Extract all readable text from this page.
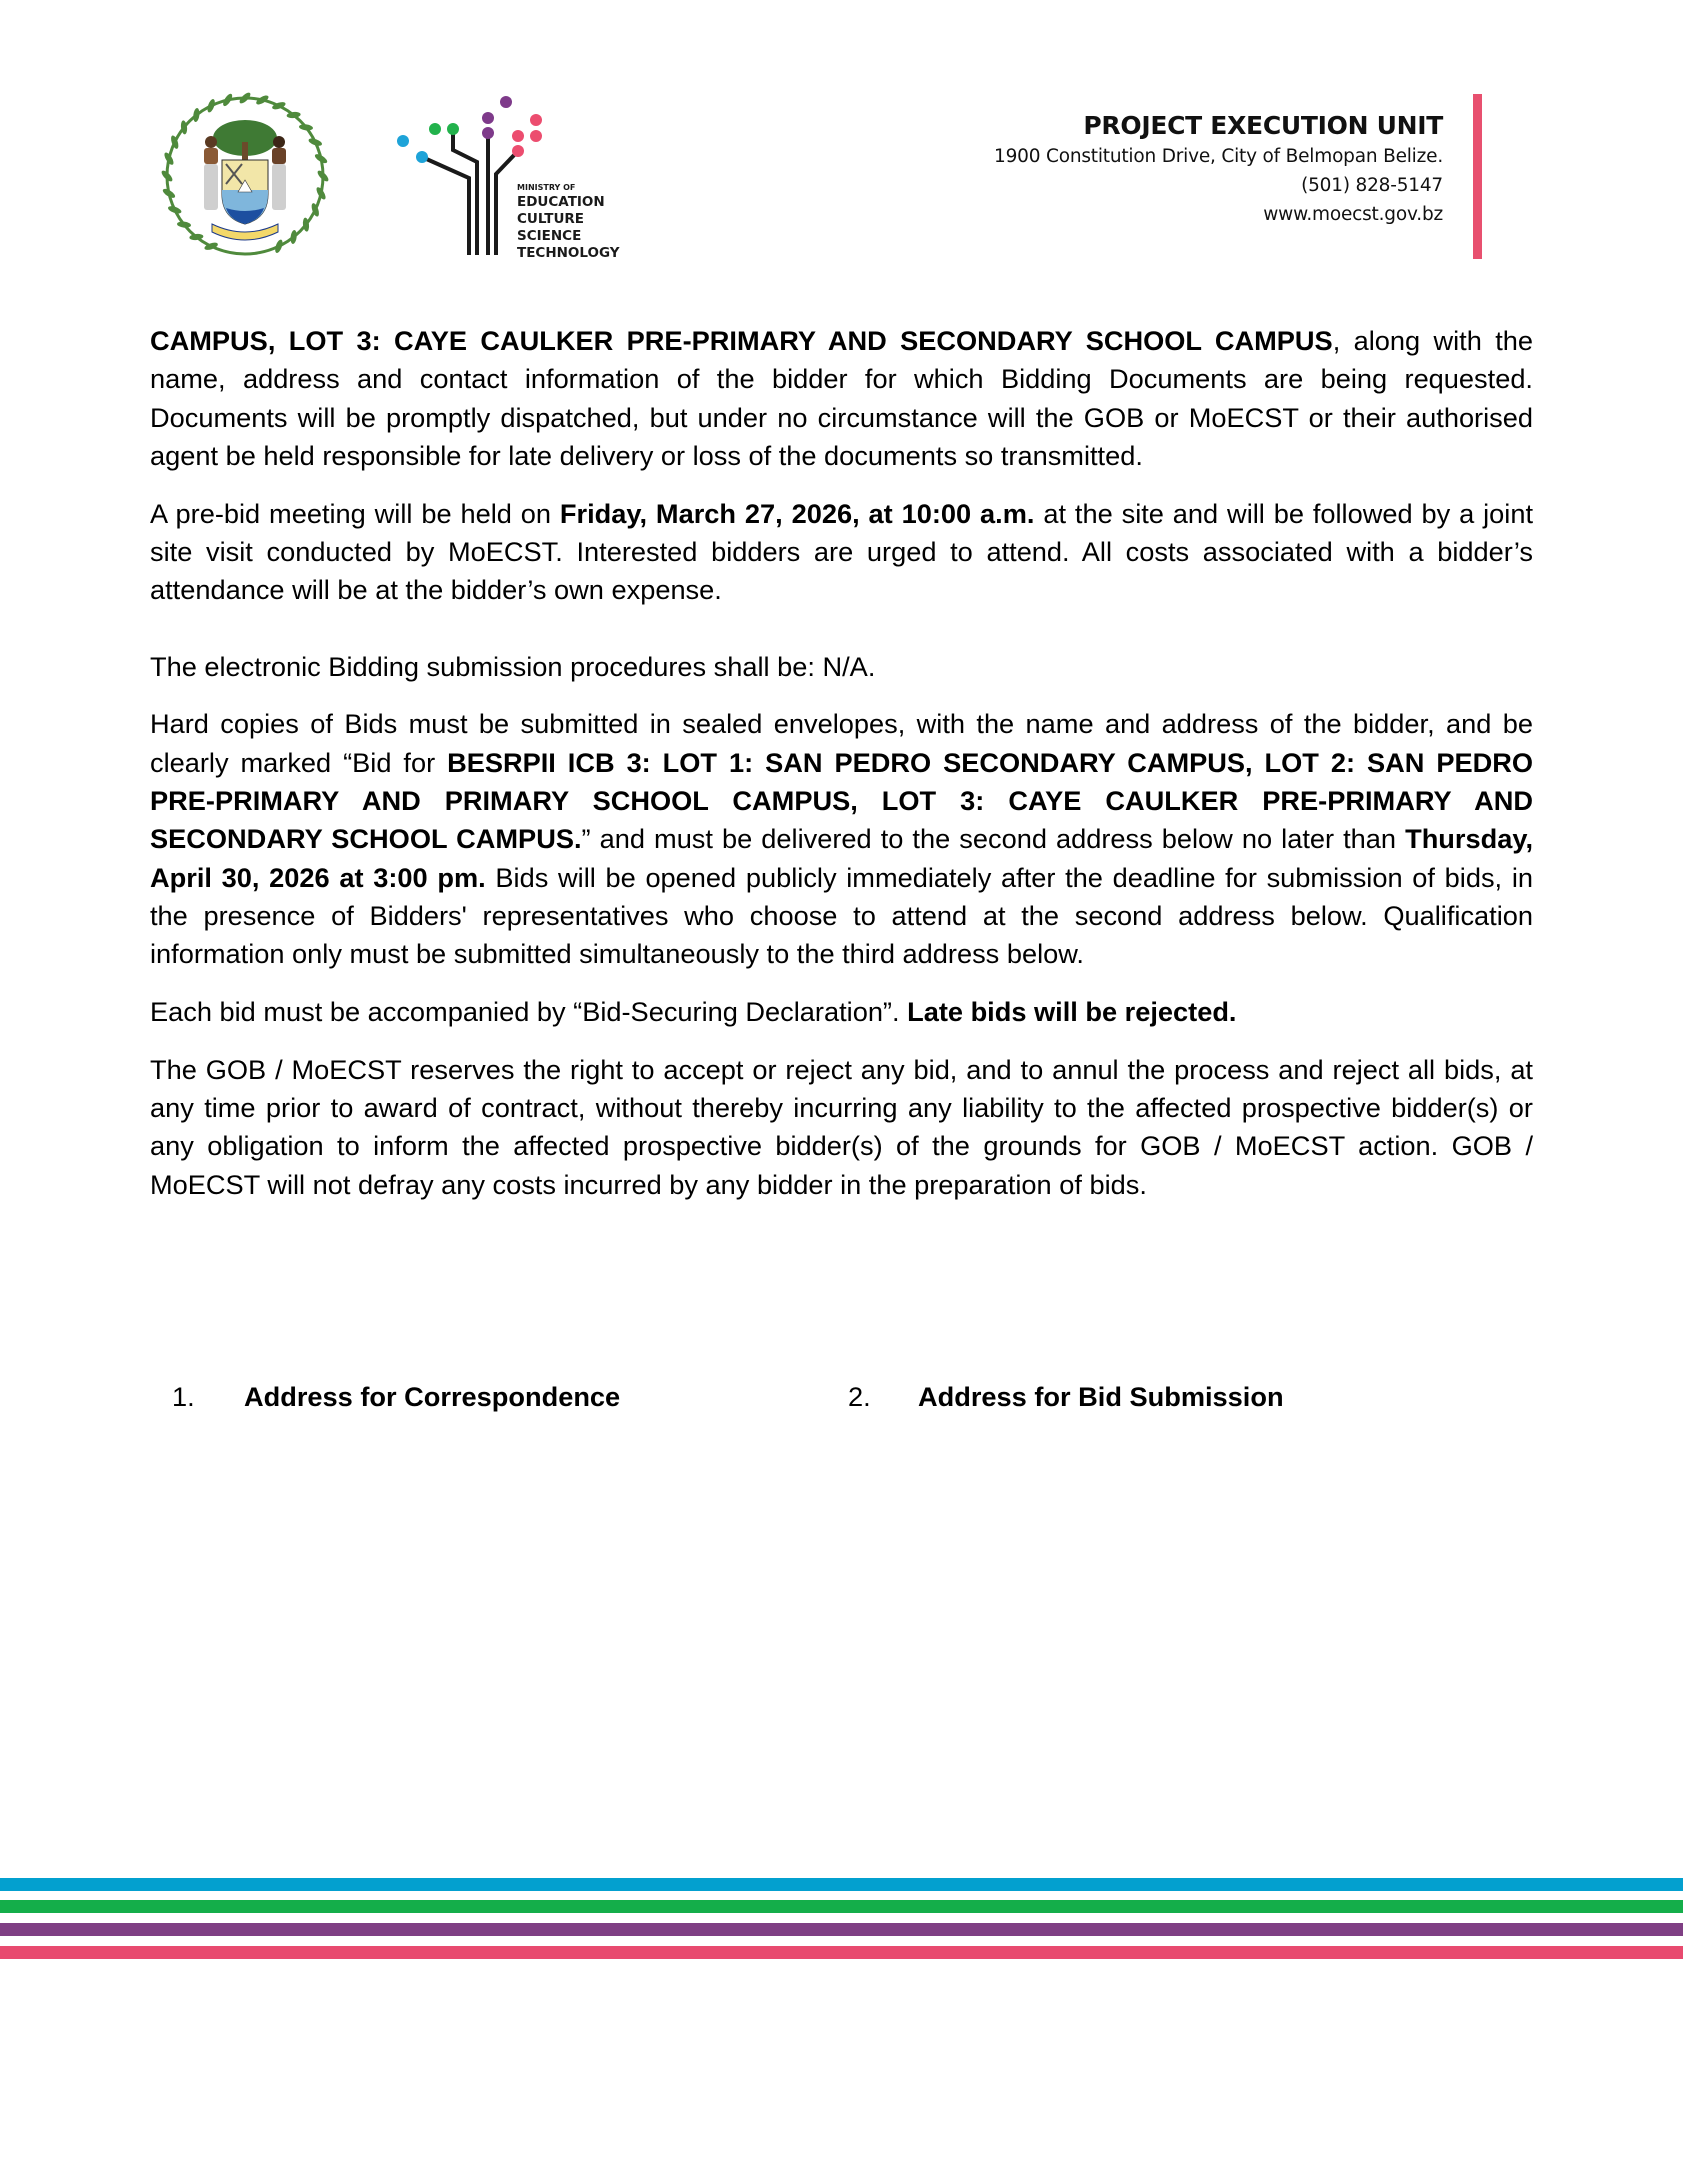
MINISTRY OF
EDUCATION
CULTURE
SCIENCE
TECHNOLOGY
PROJECT EXECUTION UNIT
1900 Constitution Drive, City of Belmopan Belize.
(501) 828-5147
www.moecst.gov.bz

CAMPUS, LOT 3: CAYE CAULKER PRE-PRIMARY AND SECONDARY SCHOOL CAMPUS, along with the name, address and contact information of the bidder for which Bidding Documents are being requested. Documents will be promptly dispatched, but under no circumstance will the GOB or MoECST or their authorised agent be held responsible for late delivery or loss of the documents so transmitted.

A pre-bid meeting will be held on Friday, March 27, 2026, at 10:00 a.m. at the site and will be followed by a joint site visit conducted by MoECST. Interested bidders are urged to attend. All costs associated with a bidder’s attendance will be at the bidder’s own expense.

The electronic Bidding submission procedures shall be: N/A.

Hard copies of Bids must be submitted in sealed envelopes, with the name and address of the bidder, and be clearly marked “Bid for BESRPII ICB 3: LOT 1: SAN PEDRO SECONDARY CAMPUS, LOT 2: SAN PEDRO PRE-PRIMARY AND PRIMARY SCHOOL CAMPUS, LOT 3: CAYE CAULKER PRE-PRIMARY AND SECONDARY SCHOOL CAMPUS.” and must be delivered to the second address below no later than Thursday, April 30, 2026 at 3:00 pm. Bids will be opened publicly immediately after the deadline for submission of bids, in the presence of Bidders' representatives who choose to attend at the second address below. Qualification information only must be submitted simultaneously to the third address below.

Each bid must be accompanied by “Bid-Securing Declaration”. Late bids will be rejected.

The GOB / MoECST reserves the right to accept or reject any bid, and to annul the process and reject all bids, at any time prior to award of contract, without thereby incurring any liability to the affected prospective bidder(s) or any obligation to inform the affected prospective bidder(s) of the grounds for GOB / MoECST action. GOB / MoECST will not defray any costs incurred by any bidder in the preparation of bids.

1. Address for Correspondence	2. Address for Bid Submission
